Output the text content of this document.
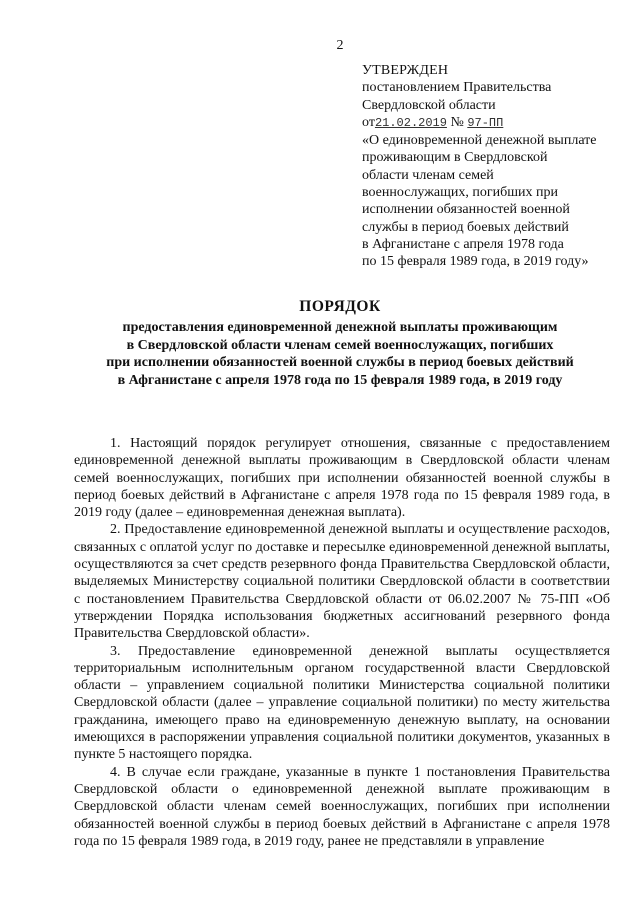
2
УТВЕРЖДЕН
постановлением Правительства
Свердловской области
от21.02.2019 № 97-ПП
«О единовременной денежной выплате
проживающим в Свердловской
области членам семей
военнослужащих, погибших при
исполнении обязанностей военной
службы в период боевых действий
в Афганистане с апреля 1978 года
по 15 февраля 1989 года, в 2019 году»
ПОРЯДОК
предоставления единовременной денежной выплаты проживающим
в Свердловской области членам семей военнослужащих, погибших
при исполнении обязанностей военной службы в период боевых действий
в Афганистане с апреля 1978 года по 15 февраля 1989 года, в 2019 году

1. Настоящий порядок регулирует отношения, связанные с предоставлением единовременной денежной выплаты проживающим в Свердловской области членам семей военнослужащих, погибших при исполнении обязанностей военной службы в период боевых действий в Афганистане с апреля 1978 года по 15 февраля 1989 года, в 2019 году (далее – единовременная денежная выплата).

2. Предоставление единовременной денежной выплаты и осуществление расходов, связанных с оплатой услуг по доставке и пересылке единовременной денежной выплаты, осуществляются за счет средств резервного фонда Правительства Свердловской области, выделяемых Министерству социальной политики Свердловской области в соответствии с постановлением Правительства Свердловской области от 06.02.2007 № 75-ПП «Об утверждении Порядка использования бюджетных ассигнований резервного фонда Правительства Свердловской области».

3. Предоставление единовременной денежной выплаты осуществляется территориальным исполнительным органом государственной власти Свердловской области – управлением социальной политики Министерства социальной политики Свердловской области (далее – управление социальной политики) по месту жительства гражданина, имеющего право на единовременную денежную выплату, на основании имеющихся в распоряжении управления социальной политики документов, указанных в пункте 5 настоящего порядка.

4. В случае если граждане, указанные в пункте 1 постановления Правительства Свердловской области о единовременной денежной выплате проживающим в Свердловской области членам семей военнослужащих, погибших при исполнении обязанностей военной службы в период боевых действий в Афганистане с апреля 1978 года по 15 февраля 1989 года, в 2019 году, ранее не представляли в управление
